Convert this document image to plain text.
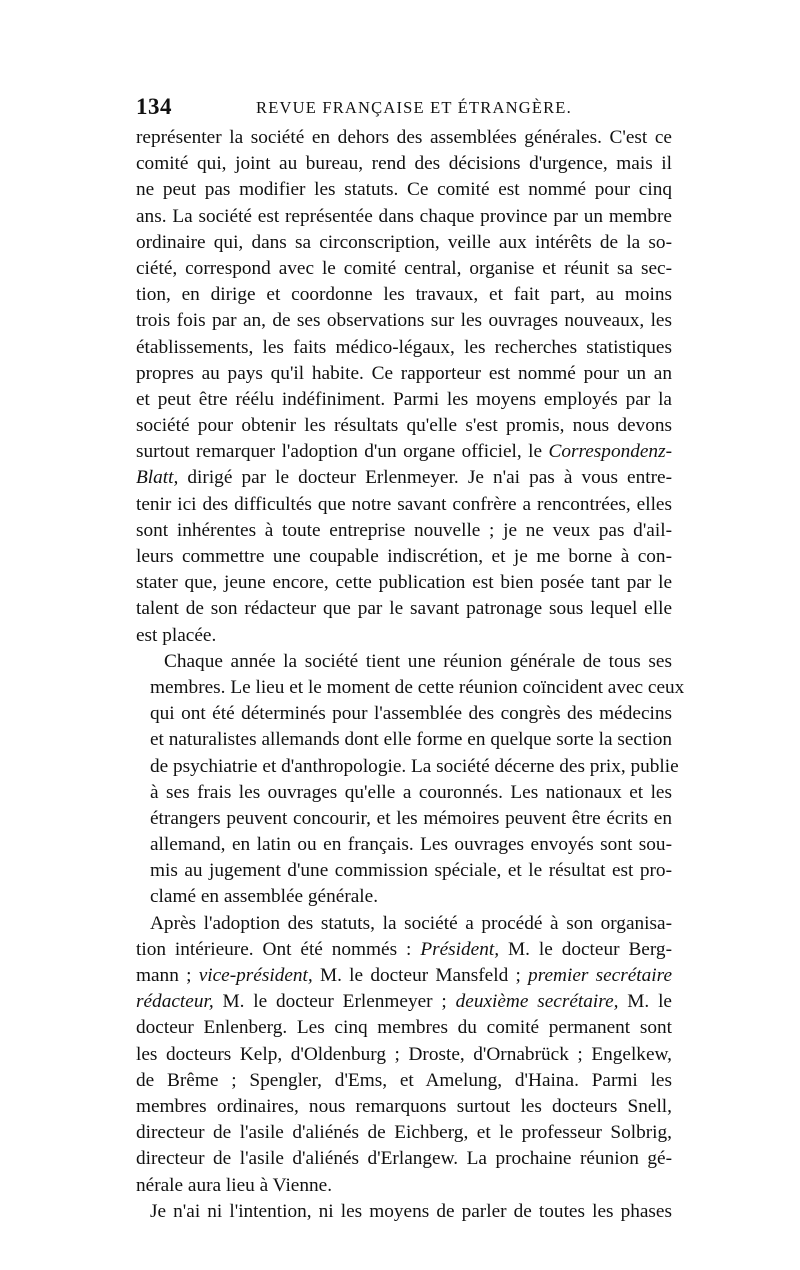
134	REVUE FRANÇAISE ET ÉTRANGÈRE.

représenter la société en dehors des assemblées générales. C'est ce
comité qui, joint au bureau, rend des décisions d'urgence, mais il
ne peut pas modifier les statuts. Ce comité est nommé pour cinq
ans. La société est représentée dans chaque province par un membre
ordinaire qui, dans sa circonscription, veille aux intérêts de la so-
ciété, correspond avec le comité central, organise et réunit sa sec-
tion, en dirige et coordonne les travaux, et fait part, au moins
trois fois par an, de ses observations sur les ouvrages nouveaux, les
établissements, les faits médico-légaux, les recherches statistiques
propres au pays qu'il habite. Ce rapporteur est nommé pour un an
et peut être réélu indéfiniment. Parmi les moyens employés par la
société pour obtenir les résultats qu'elle s'est promis, nous devons
surtout remarquer l'adoption d'un organe officiel, le Correspondenz-
Blatt, dirigé par le docteur Erlenmeyer. Je n'ai pas à vous entre-
tenir ici des difficultés que notre savant confrère a rencontrées, elles
sont inhérentes à toute entreprise nouvelle ; je ne veux pas d'ail-
leurs commettre une coupable indiscrétion, et je me borne à con-
stater que, jeune encore, cette publication est bien posée tant par le
talent de son rédacteur que par le savant patronage sous lequel elle
est placée.

Chaque année la société tient une réunion générale de tous ses
membres. Le lieu et le moment de cette réunion coïncident avec ceux
qui ont été déterminés pour l'assemblée des congrès des médecins
et naturalistes allemands dont elle forme en quelque sorte la section
de psychiatrie et d'anthropologie. La société décerne des prix, publie
à ses frais les ouvrages qu'elle a couronnés. Les nationaux et les
étrangers peuvent concourir, et les mémoires peuvent être écrits en
allemand, en latin ou en français. Les ouvrages envoyés sont sou-
mis au jugement d'une commission spéciale, et le résultat est pro-
clamé en assemblée générale.

Après l'adoption des statuts, la société a procédé à son organisa-
tion intérieure. Ont été nommés : Président, M. le docteur Berg-
mann ; vice-président, M. le docteur Mansfeld ; premier secrétaire
rédacteur, M. le docteur Erlenmeyer ; deuxième secrétaire, M. le
docteur Enlenberg. Les cinq membres du comité permanent sont
les docteurs Kelp, d'Oldenburg ; Droste, d'Ornabrück ; Engelkew,
de Brême ; Spengler, d'Ems, et Amelung, d'Haina. Parmi les
membres ordinaires, nous remarquons surtout les docteurs Snell,
directeur de l'asile d'aliénés de Eichberg, et le professeur Solbrig,
directeur de l'asile d'aliénés d'Erlangew. La prochaine réunion gé-
nérale aura lieu à Vienne.

Je n'ai ni l'intention, ni les moyens de parler de toutes les phases
